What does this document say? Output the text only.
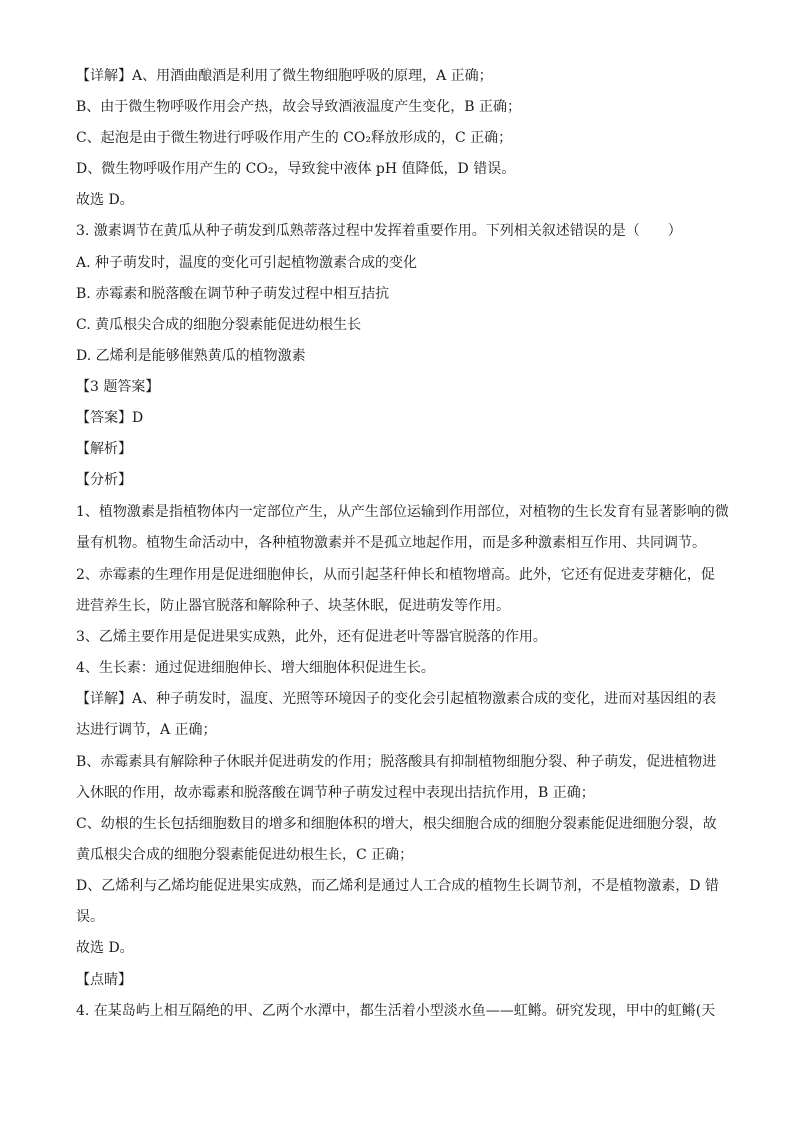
【详解】A、用酒曲酿酒是利用了微生物细胞呼吸的原理，A 正确；
B、由于微生物呼吸作用会产热，故会导致酒液温度产生变化，B 正确；
C、起泡是由于微生物进行呼吸作用产生的 CO₂释放形成的，C 正确；
D、微生物呼吸作用产生的 CO₂，导致瓮中液体 pH 值降低，D 错误。
故选 D。
3. 激素调节在黄瓜从种子萌发到瓜熟蒂落过程中发挥着重要作用。下列相关叙述错误的是（　　）
A. 种子萌发时，温度的变化可引起植物激素合成的变化
B. 赤霉素和脱落酸在调节种子萌发过程中相互拮抗
C. 黄瓜根尖合成的细胞分裂素能促进幼根生长
D. 乙烯利是能够催熟黄瓜的植物激素
【3 题答案】
【答案】D
【解析】
【分析】
1、植物激素是指植物体内一定部位产生，从产生部位运输到作用部位，对植物的生长发育有显著影响的微
量有机物。植物生命活动中，各种植物激素并不是孤立地起作用，而是多种激素相互作用、共同调节。
2、赤霉素的生理作用是促进细胞伸长，从而引起茎秆伸长和植物增高。此外，它还有促进麦芽糖化，促
进营养生长，防止器官脱落和解除种子、块茎休眠，促进萌发等作用。
3、乙烯主要作用是促进果实成熟，此外，还有促进老叶等器官脱落的作用。
4、生长素：通过促进细胞伸长、增大细胞体积促进生长。
【详解】A、种子萌发时，温度、光照等环境因子的变化会引起植物激素合成的变化，进而对基因组的表
达进行调节，A 正确；
B、赤霉素具有解除种子休眠并促进萌发的作用；脱落酸具有抑制植物细胞分裂、种子萌发，促进植物进
入休眠的作用，故赤霉素和脱落酸在调节种子萌发过程中表现出拮抗作用，B 正确；
C、幼根的生长包括细胞数目的增多和细胞体积的增大，根尖细胞合成的细胞分裂素能促进细胞分裂，故
黄瓜根尖合成的细胞分裂素能促进幼根生长，C 正确；
D、乙烯利与乙烯均能促进果实成熟，而乙烯利是通过人工合成的植物生长调节剂，不是植物激素，D 错
误。
故选 D。
【点睛】
4. 在某岛屿上相互隔绝的甲、乙两个水潭中，都生活着小型淡水鱼——虹鳉。研究发现，甲中的虹鳉(天
